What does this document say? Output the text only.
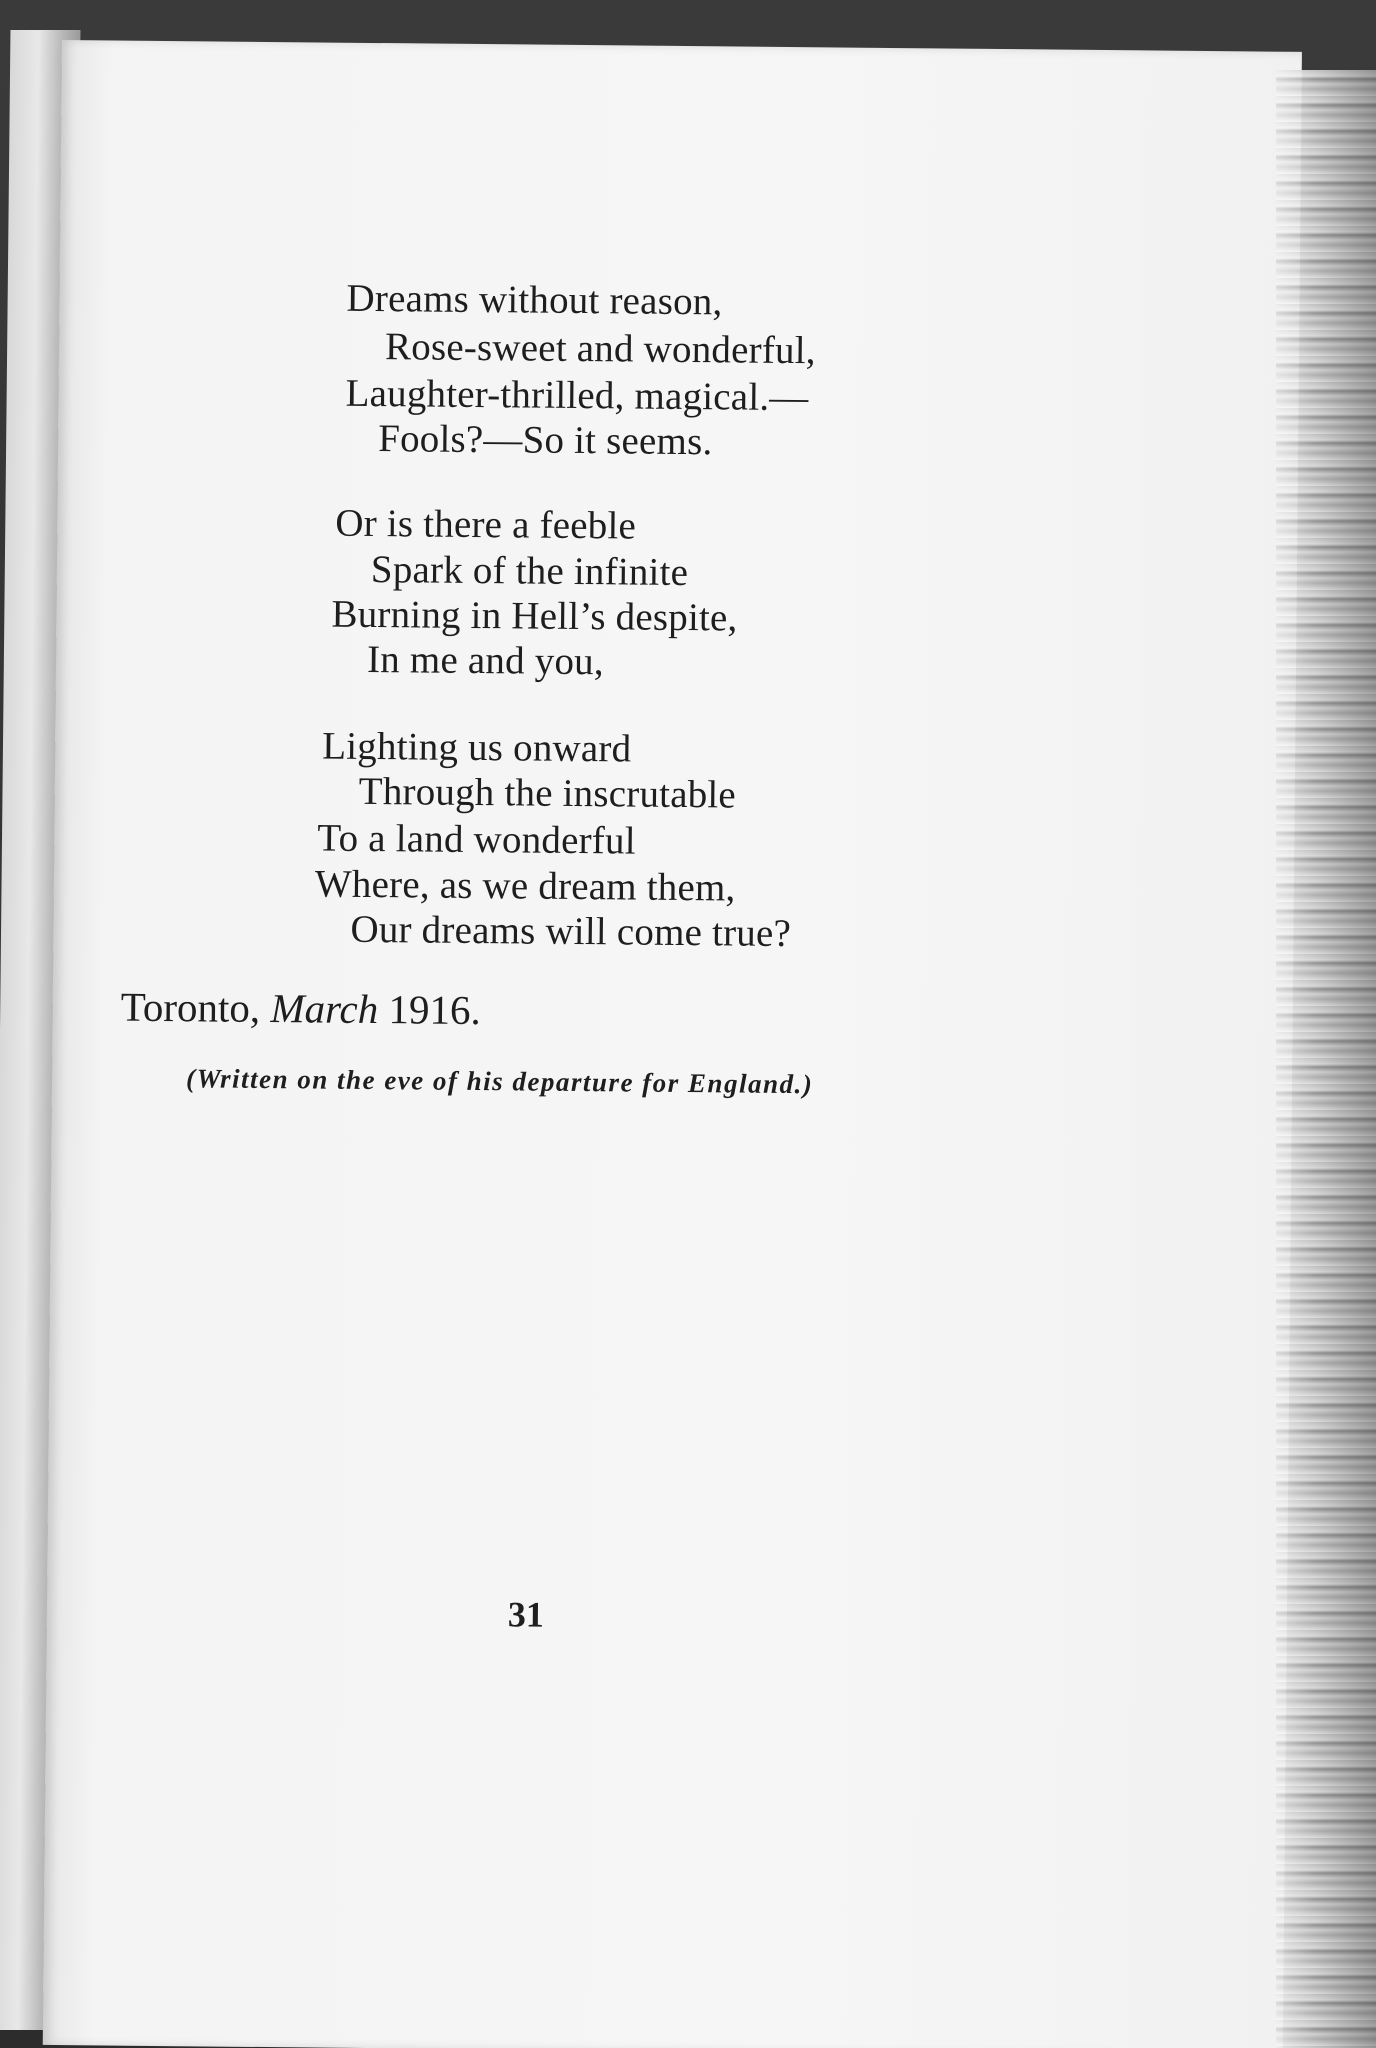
Dreams without reason,
Rose-sweet and wonderful,
Laughter-thrilled, magical.—
Fools?—So it seems.
Or is there a feeble
Spark of the infinite
Burning in Hell’s despite,
In me and you,
Lighting us onward
Through the inscrutable
To a land wonderful
Where, as we dream them,
Our dreams will come true?
Toronto, March 1916.
(Written on the eve of his departure for England.)
31
